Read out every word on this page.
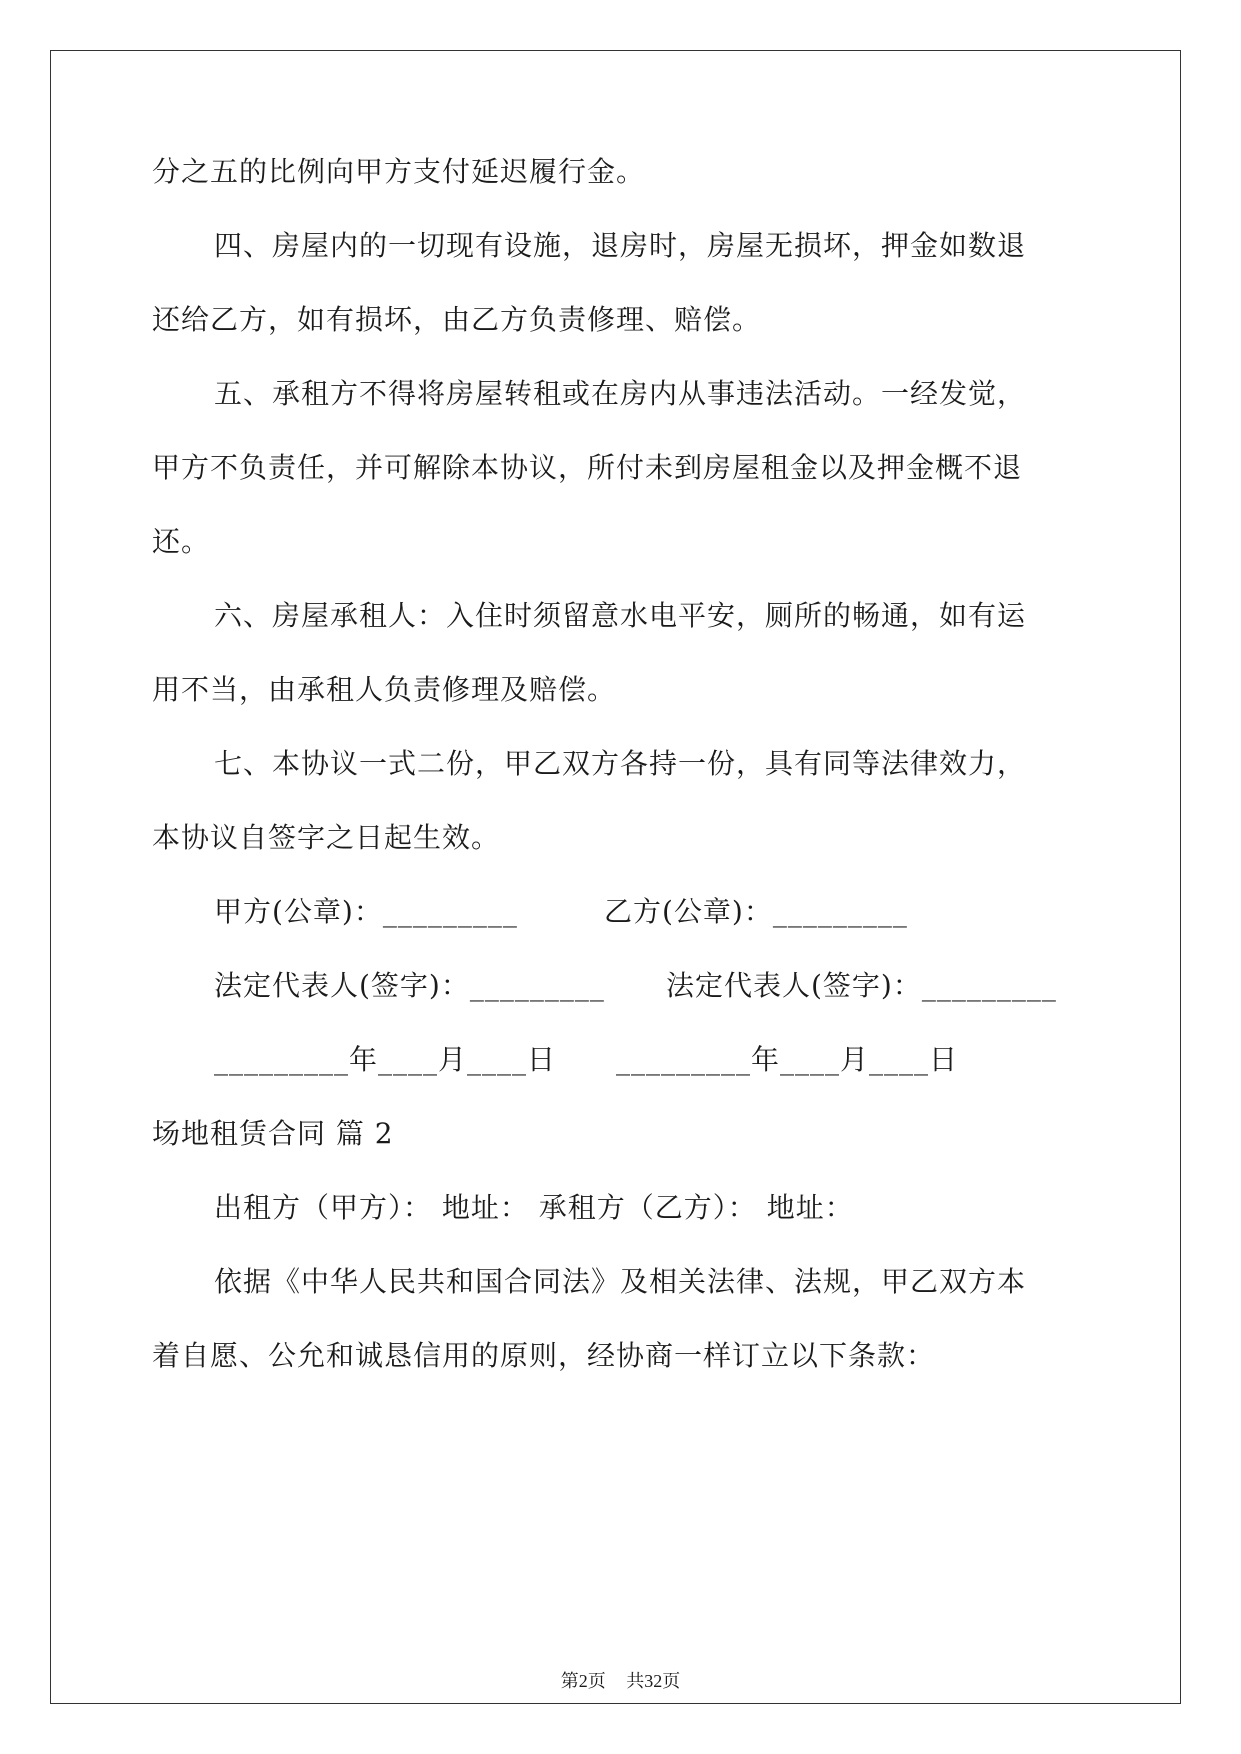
分之五的比例向甲方支付延迟履行金。
四、房屋内的一切现有设施，退房时，房屋无损坏，押金如数退
还给乙方，如有损坏，由乙方负责修理、赔偿。
五、承租方不得将房屋转租或在房内从事违法活动。一经发觉，
甲方不负责任，并可解除本协议，所付未到房屋租金以及押金概不退
还。
六、房屋承租人：入住时须留意水电平安，厕所的畅通，如有运
用不当，由承租人负责修理及赔偿。
七、本协议一式二份，甲乙双方各持一份，具有同等法律效力，
本协议自签字之日起生效。
甲方(公章)：_________	乙方(公章)：_________
法定代表人(签字)：_________ 法定代表人(签字)：_________
_________年____月____日 _________年____月____日
场地租赁合同 篇 2
出租方（甲方）： 地址： 承租方（乙方）： 地址：
依据《中华人民共和国合同法》及相关法律、法规，甲乙双方本
着自愿、公允和诚恳信用的原则，经协商一样订立以下条款：
第2页 共32页
